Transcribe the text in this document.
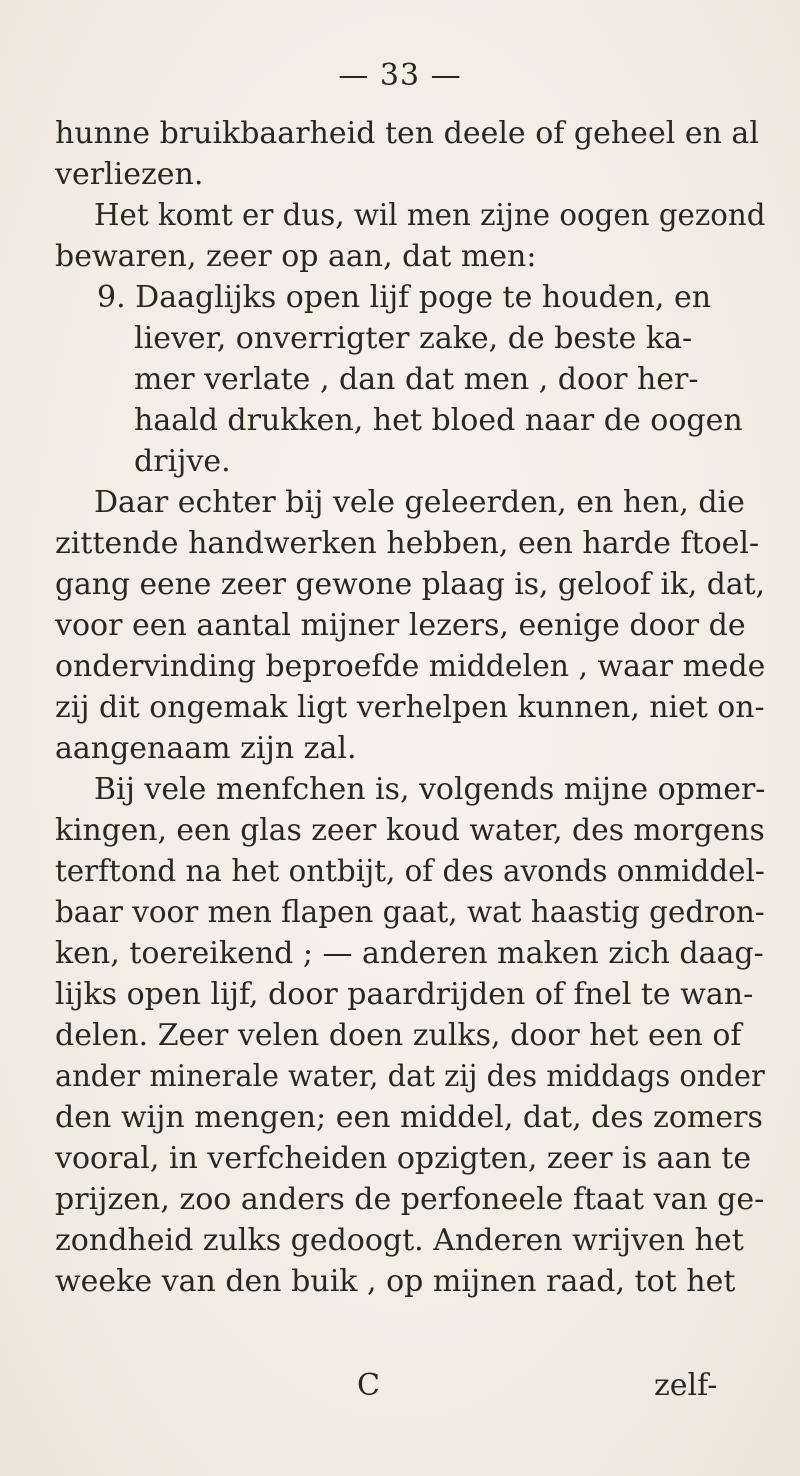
— 33 —
hunne bruikbaarheid ten deele of geheel en al
verliezen.
Het komt er dus, wil men zijne oogen gezond
bewaren, zeer op aan, dat men:
9. Daaglijks open lijf poge te houden, en
liever, onverrigter zake, de beste ka-
mer verlate , dan dat men , door her-
haald drukken, het bloed naar de oogen
drijve.
Daar echter bij vele geleerden, en hen, die
zittende handwerken hebben, een harde ftoel-
gang eene zeer gewone plaag is, geloof ik, dat,
voor een aantal mijner lezers, eenige door de
ondervinding beproefde middelen , waar mede
zij dit ongemak ligt verhelpen kunnen, niet on-
aangenaam zijn zal.
Bij vele menfchen is, volgends mijne opmer-
kingen, een glas zeer koud water, des morgens
terftond na het ontbijt, of des avonds onmiddel-
baar voor men flapen gaat, wat haastig gedron-
ken, toereikend ; — anderen maken zich daag-
lijks open lijf, door paardrijden of fnel te wan-
delen. Zeer velen doen zulks, door het een of
ander minerale water, dat zij des middags onder
den wijn mengen; een middel, dat, des zomers
vooral, in verfcheiden opzigten, zeer is aan te
prijzen, zoo anders de perfoneele ftaat van ge-
zondheid zulks gedoogt. Anderen wrijven het
weeke van den buik , op mijnen raad, tot het
C	zelf-
